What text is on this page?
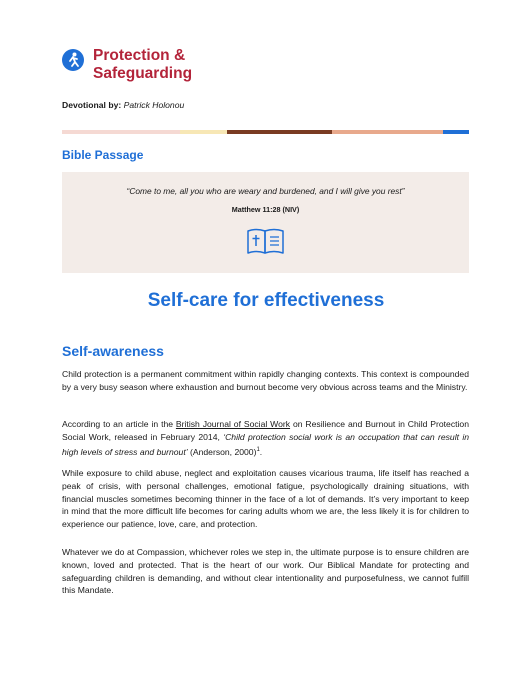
Protection &
Safeguarding
Devotional by: Patrick Holonou
Bible Passage
“Come to me, all you who are weary and burdened, and I will give you rest”
Matthew 11:28 (NIV)
Self-care for effectiveness
Self-awareness

Child protection is a permanent commitment within rapidly changing contexts. This context is compounded by a very busy season where exhaustion and burnout become very obvious across teams and the Ministry.

According to an article in the British Journal of Social Work on Resilience and Burnout in Child Protection Social Work, released in February 2014, ‘Child protection social work is an occupation that can result in high levels of stress and burnout’ (Anderson, 2000)$^1$.

While exposure to child abuse, neglect and exploitation causes vicarious trauma, life itself has reached a peak of crisis, with personal challenges, emotional fatigue, psychologically draining situations, with financial muscles sometimes becoming thinner in the face of a lot of demands. It’s very important to keep in mind that the more difficult life becomes for caring adults whom we are, the less likely it is for children to experience our patience, love, care, and protection.

Whatever we do at Compassion, whichever roles we step in, the ultimate purpose is to ensure children are known, loved and protected. That is the heart of our work. Our Biblical Mandate for protecting and safeguarding children is demanding, and without clear intentionality and purposefulness, we cannot fulfill this Mandate.
